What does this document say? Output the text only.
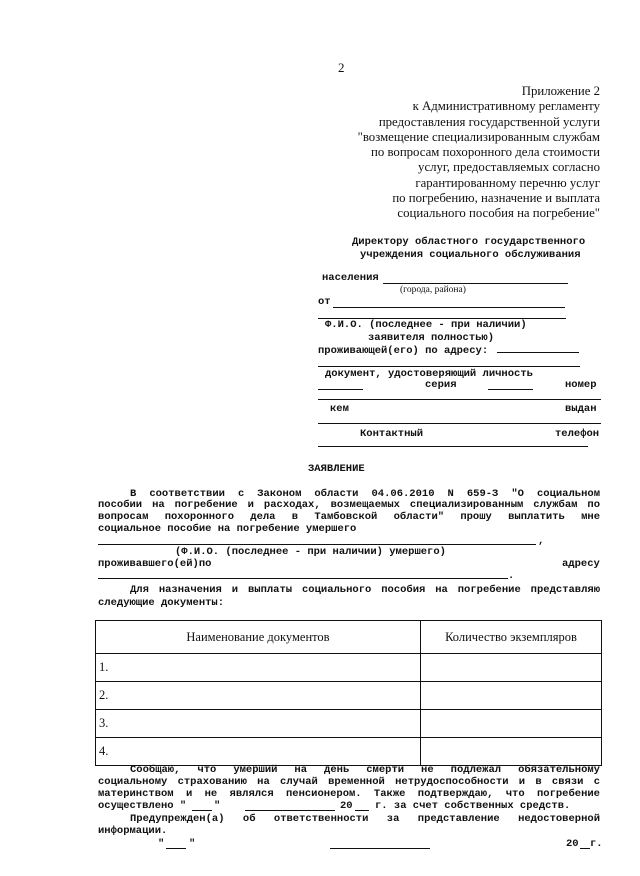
2
Приложение 2
к Административному регламенту
предоставления государственной услуги
"возмещение специализированным службам
по вопросам похоронного дела стоимости
услуг, предоставляемых согласно
гарантированному перечню услуг
по погребению, назначение и выплата
социального пособия на погребение"
Директору областного государственного
учреждения социального обслуживания
населения
(города, района)
от
Ф.И.О. (последнее - при наличии)
заявителя полностью)
проживающей(его) по адресу:
документ, удостоверяющий личность
серия	номер
кем	выдан
Контактный	телефон
ЗАЯВЛЕНИЕ
В соответствии с Законом области 04.06.2010 N 659-З "О социальном
пособии на погребение и расходах, возмещаемых специализированным службам по
вопросам похоронного дела в Тамбовской области" прошу выплатить мне
социальное пособие на погребение умершего
,
(Ф.И.О. (последнее - при наличии) умершего)
проживавшего(ей)по	адресу
.
Для назначения и выплаты социального пособия на погребение представляю
следующие документы:
Наименование документов	Количество экземпляров
1.	
2.	
3.	
4.	
Сообщаю, что умерший на день смерти не подлежал обязательному
социальному страхованию на случай временной нетрудоспособности и в связи с
материнством и не являлся пенсионером. Также подтверждаю, что погребение
осуществлено "	"	20 г. за счет собственных средств.
Предупрежден(а) об ответственности за представление недостоверной
информации.
" "	20 г.
